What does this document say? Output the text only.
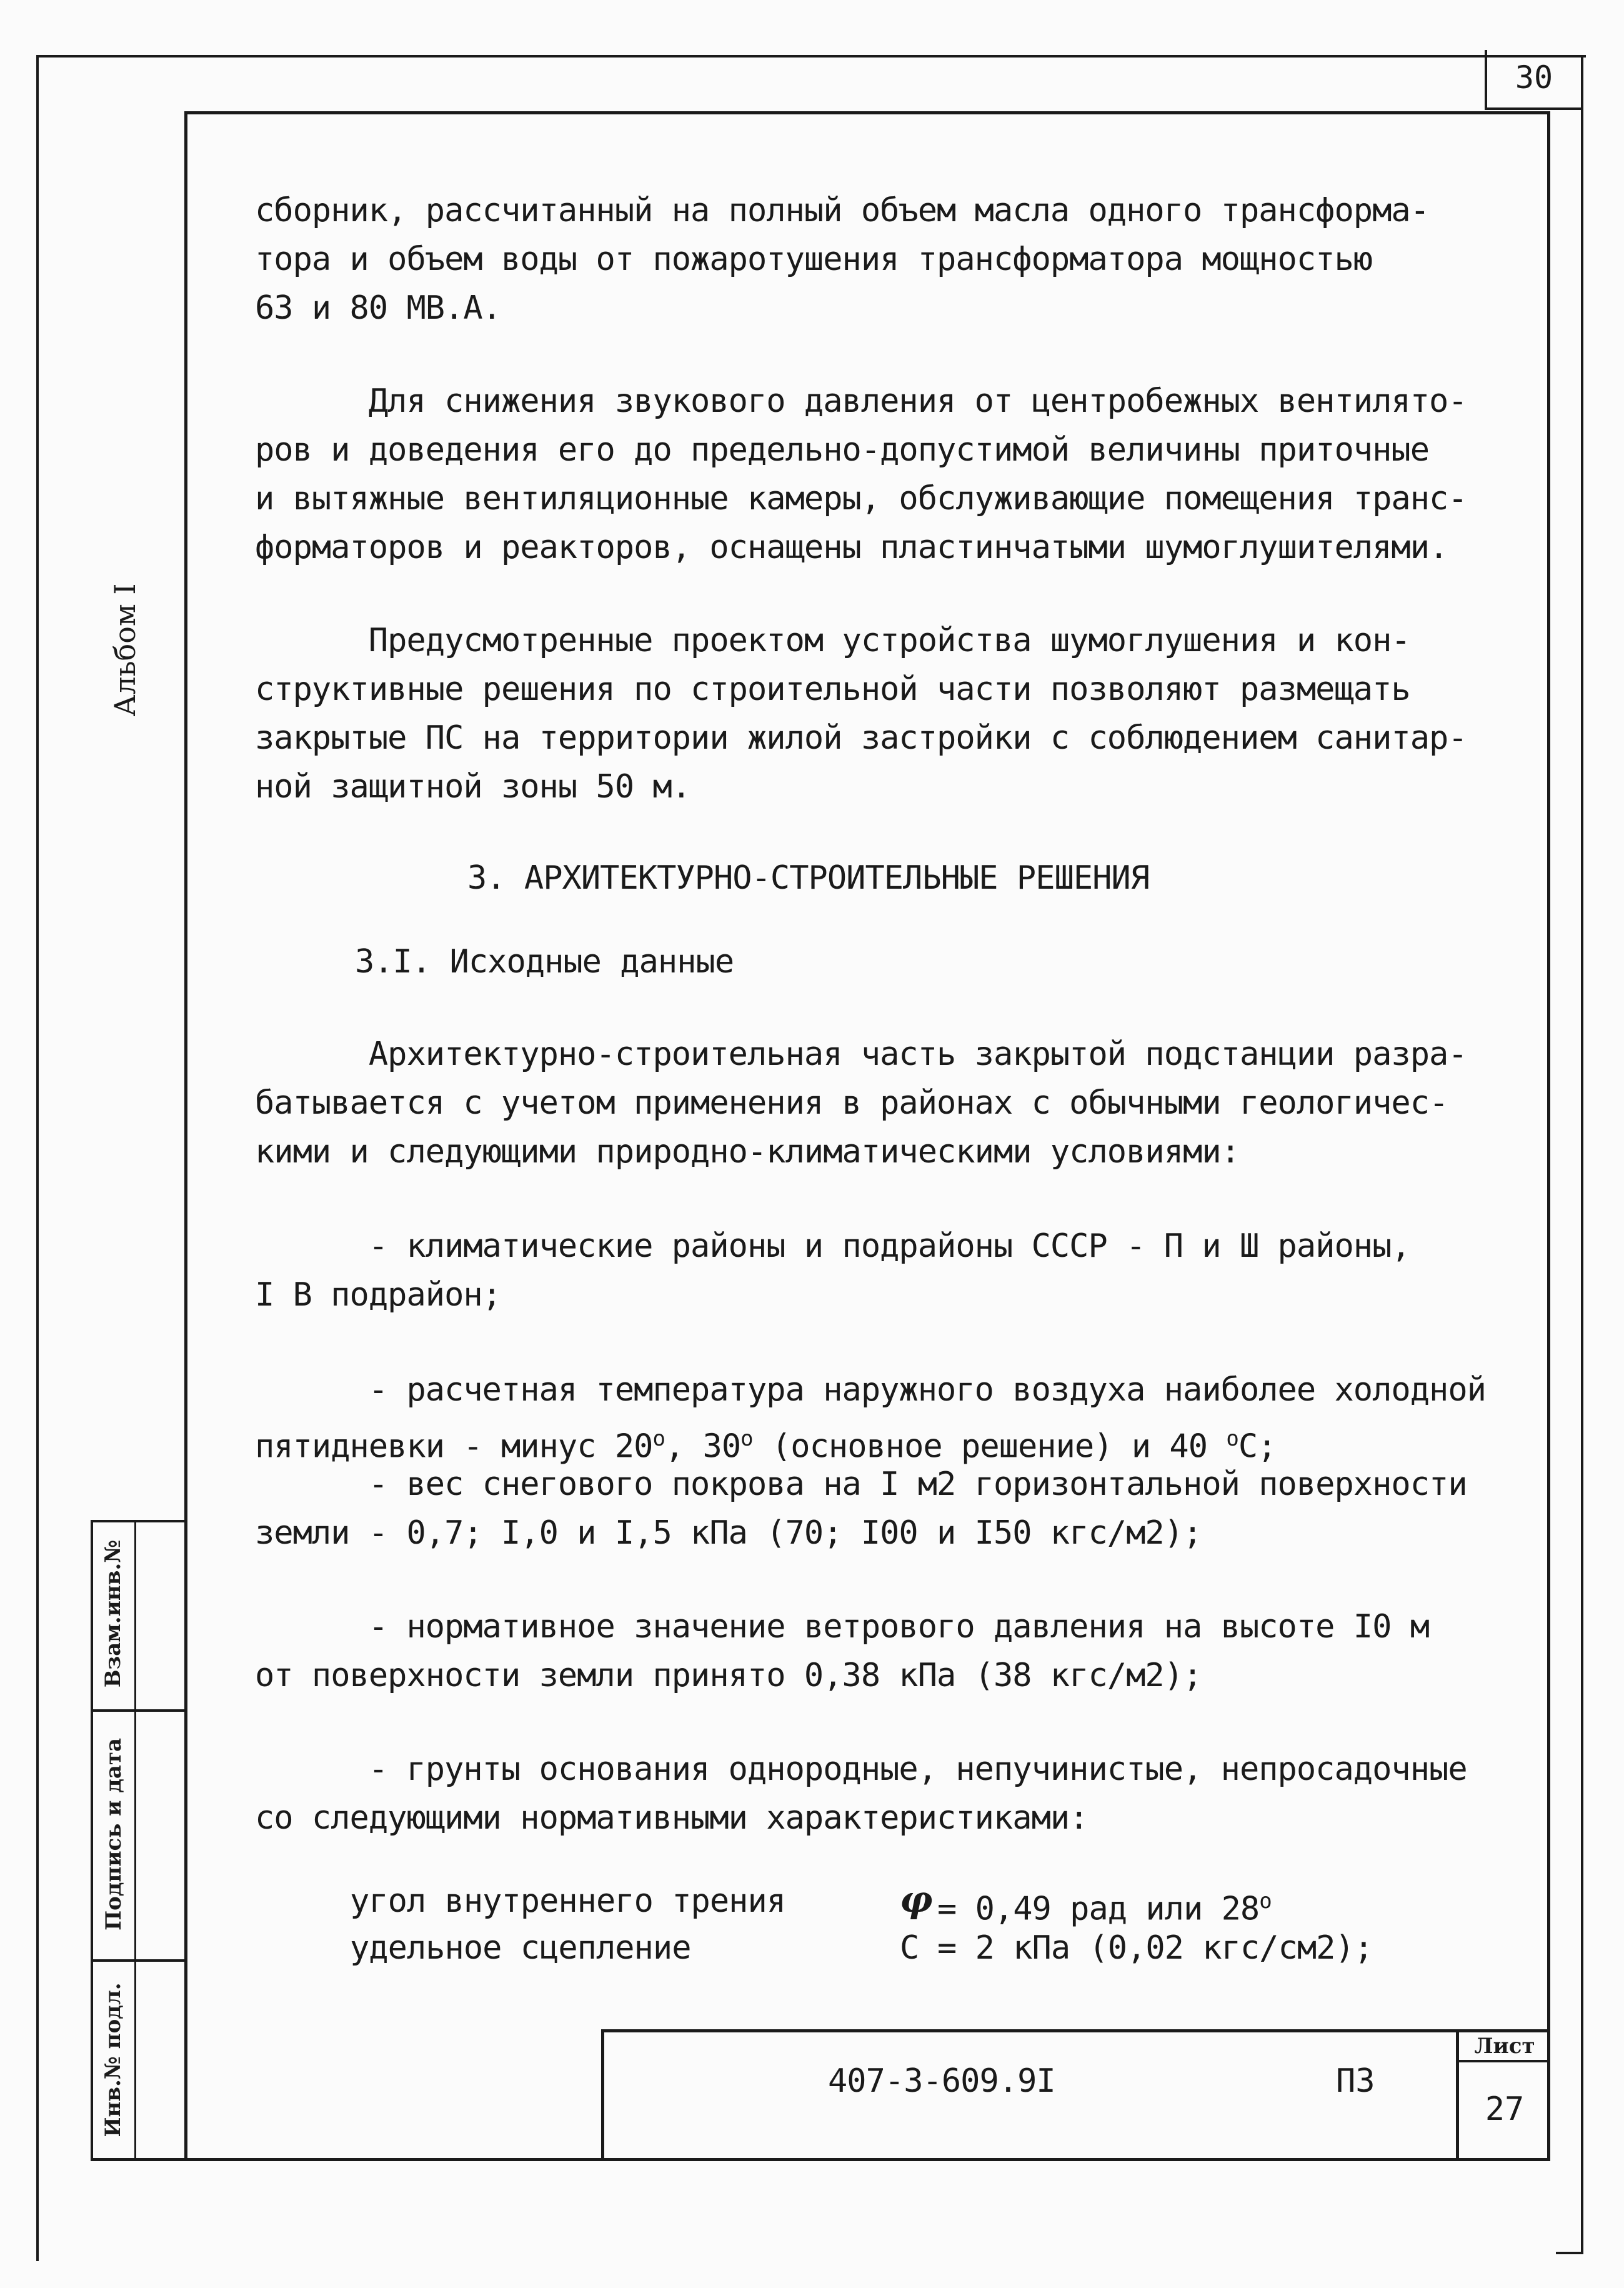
30
Альбом I
Взам.инв.№
Подпись и дата
Инв.№ подл.
сборник, рассчитанный на полный объем масла одного трансформа-
тора и объем воды от пожаротушения трансформатора мощностью
63 и 80 МВ.А.
Для снижения звукового давления от центробежных вентилято-
ров и доведения его до предельно-допустимой величины приточные
и вытяжные вентиляционные камеры, обслуживающие помещения транс-
форматоров и реакторов, оснащены пластинчатыми шумоглушителями.
Предусмотренные проектом устройства шумоглушения и кон-
структивные решения по строительной части позволяют размещать
закрытые ПС на территории жилой застройки с соблюдением санитар-
ной защитной зоны 50 м.
3. АРХИТЕКТУРНО-СТРОИТЕЛЬНЫЕ РЕШЕНИЯ
3.I. Исходные данные
Архитектурно-строительная часть закрытой подстанции разра-
батывается с учетом применения в районах с обычными геологичес-
кими и следующими природно-климатическими условиями:
- климатические районы и подрайоны СССР - П и Ш районы,
I В подрайон;
- расчетная температура наружного воздуха наиболее холодной
пятидневки - минус 20$^o$, 30$^o$ (основное решение) и 40 $^o$С;
- вес снегового покрова на I м2 горизонтальной поверхности
земли - 0,7; I,0 и I,5 кПа (70; I00 и I50 кгс/м2);
- нормативное значение ветрового давления на высоте I0 м
от поверхности земли принято 0,38 кПа (38 кгс/м2);
- грунты основания однородные, непучинистые, непросадочные
со следующими нормативными характеристиками:
угол внутреннего трения	φ = 0,49 рад или 28$^o$
удельное сцепление	С = 2 кПа (0,02 кгс/см2);
407-3-609.9I	ПЗ
Лист
27
